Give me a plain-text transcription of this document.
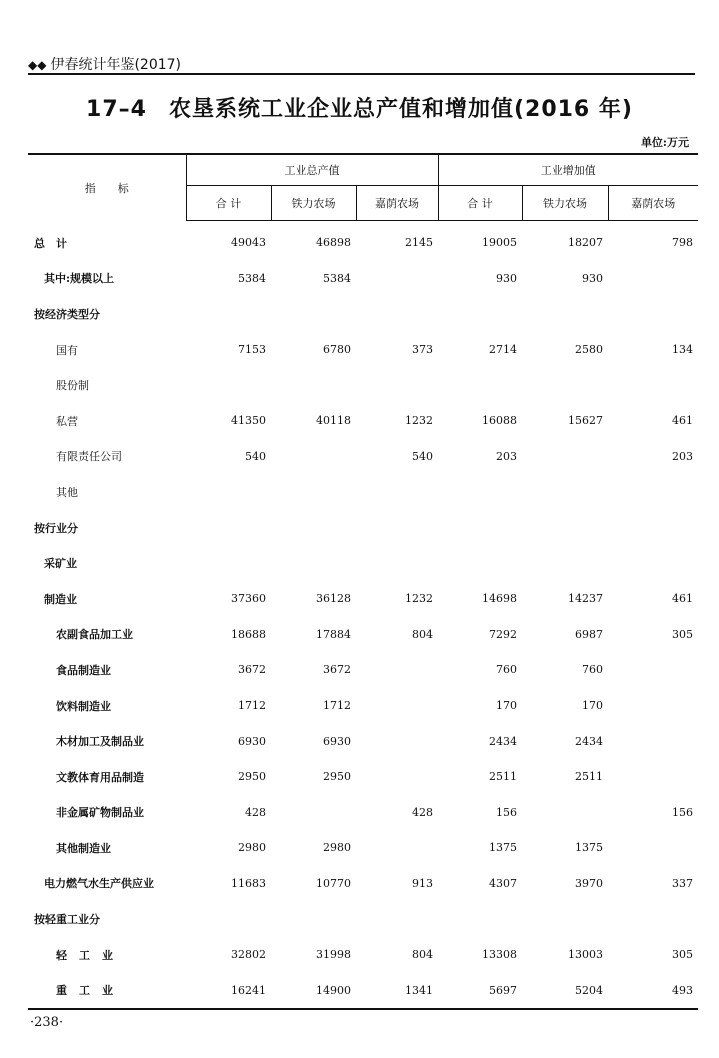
◆◆ 伊春统计年鉴(2017)
17–4 农垦系统工业企业总产值和增加值(2016 年)
单位:万元
指　　标	工业总产值			工业增加值		
	合 计	铁力农场	嘉荫农场	合 计	铁力农场	嘉荫农场
总　计	49043	46898	2145	19005	18207	798
其中:规模以上	5384	5384		930	930	
按经济类型分						
国有	7153	6780	373	2714	2580	134
股份制						
私营	41350	40118	1232	16088	15627	461
有限责任公司	540		540	203		203
其他						
按行业分						
采矿业						
制造业	37360	36128	1232	14698	14237	461
农副食品加工业	18688	17884	804	7292	6987	305
食品制造业	3672	3672		760	760	
饮料制造业	1712	1712		170	170	
木材加工及制品业	6930	6930		2434	2434	
文教体育用品制造	2950	2950		2511	2511	
非金属矿物制品业	428		428	156		156
其他制造业	2980	2980		1375	1375	
电力燃气水生产供应业	11683	10770	913	4307	3970	337
按轻重工业分						
轻工业	32802	31998	804	13308	13003	305
重工业	16241	14900	1341	5697	5204	493
·238·
